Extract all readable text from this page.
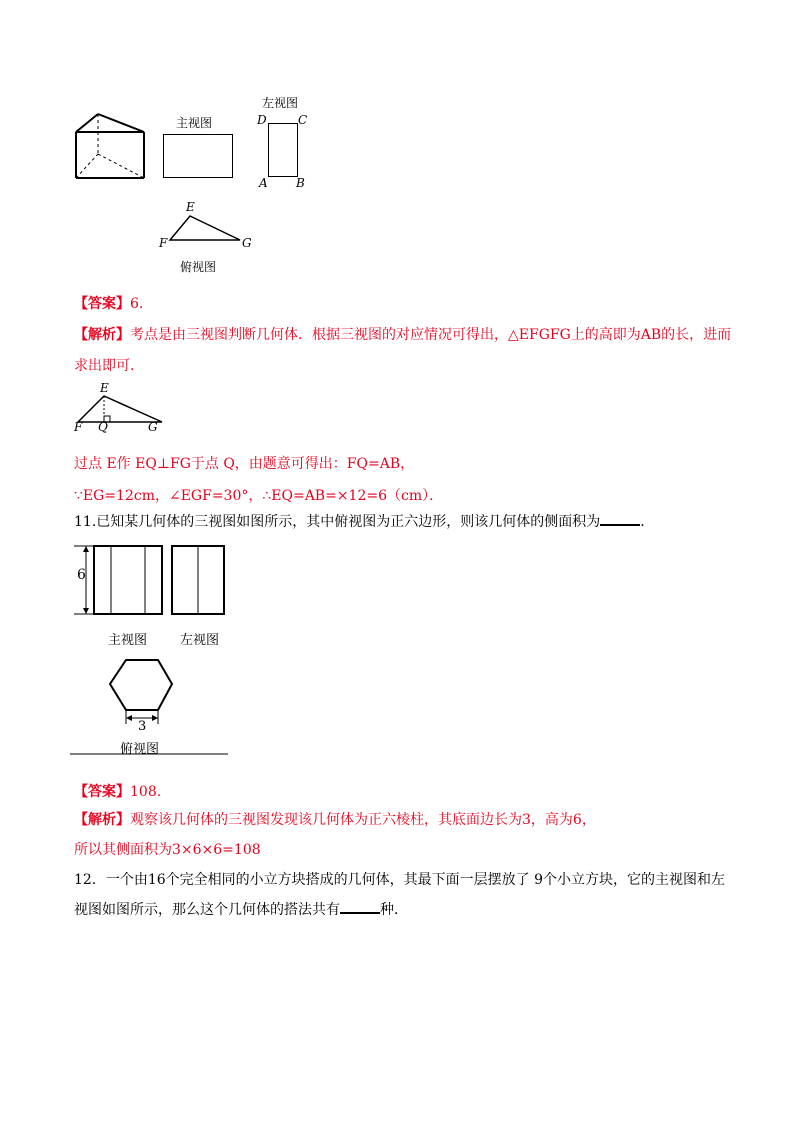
主视图
左视图
D	C
A B
E
F	G
俯视图
【答案】6.
【解析】考点是由三视图判断几何体．根据三视图的对应情况可得出，△EFGFG上的高即为AB的长，进而
求出即可．
E
F Q	G
过点 E作 EQ⊥FG于点 Q，由题意可得出：FQ=AB，
∵EG=12cm，∠EGF=30°，∴EQ=AB=×12=6（cm）．
11.已知某几何体的三视图如图所示，其中俯视图为正六边形，则该几何体的侧面积为	.
6
3
主视图	左视图
俯视图
【答案】108.
【解析】观察该几何体的三视图发现该几何体为正六棱柱，其底面边长为3，高为6，
所以其侧面积为3×6×6=108
12．一个由16个完全相同的小立方块搭成的几何体，其最下面一层摆放了 9个小立方块，它的主视图和左
视图如图所示，那么这个几何体的搭法共有	种．
